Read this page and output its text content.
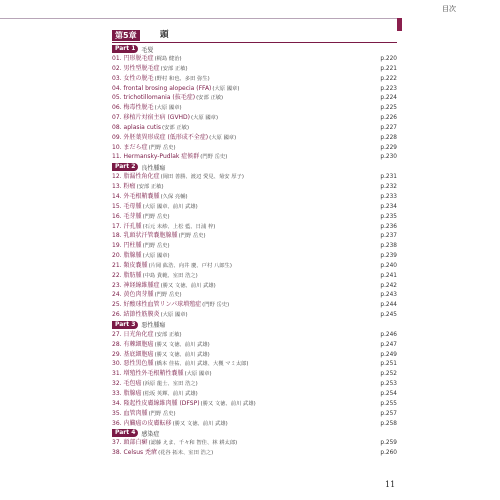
目次
第5章	頭
Part 1	毛髪
01. 円形脱毛症 (梶島 健治)	p.220
02. 男性型脱毛症 (安部 正敏)	p.221
03. 女性の脱毛 (野村 和也、多田 弥生)	p.222
04. frontal brosing alopecia (FFA) (大原 國章)	p.223
05. trichotillomania (抜毛症) (安部 正敏)	p.224
06. 梅毒性脱毛 (大原 國章)	p.225
07. 移植片対宿主病 (GVHD) (大原 國章)	p.226
08. aplasia cutis (安部 正敏)	p.227
09. 外胚葉異形成症 (低形成不全症) (大原 國章)	p.228
10. まだら症 (門野 岳史)	p.229
11. Hermansky-Pudlak 症候群 (門野 岳史)	p.230
Part 2	良性腫瘍
12. 脂漏性角化症 (岡田 善勝、渡辺 愛見、菊安 厚子)	p.231
13. 粉瘤 (安部 正敏)	p.232
14. 外毛根鞘嚢腫 (久保 亮輔)	p.233
15. 毛母腫 (大原 國章、前川 武雄)	p.234
16. 毛芽腫 (門野 岳史)	p.235
17. 汗孔腫 (石元 未紗、上松 藍、日浦 梓)	p.236
18. 乳頭状汗管嚢胞腺腫 (門野 岳史)	p.237
19. 円柱腫 (門野 岳史)	p.238
20. 脂腺腫 (大原 國章)	p.239
21. 類皮嚢腫 (片岡 紘浩、向井 慶、戸村 八郎生)	p.240
22. 脂肪腫 (中島 貴範、室田 浩之)	p.241
23. 神経線維腫症 (勝又 文徳、前川 武雄)	p.242
24. 黄色肉芽腫 (門野 岳史)	p.243
25. 好酸球性血管リンパ球増殖症 (門野 岳史)	p.244
26. 結節性筋膜炎 (大原 國章)	p.245
Part 3	悪性腫瘍
27. 日光角化症 (安部 正敏)	p.246
28. 有棘細胞癌 (勝又 文徳、前川 武雄)	p.247
29. 基底細胞癌 (勝又 文徳、前川 武雄)	p.249
30. 悪性黒色腫 (橋本 佳祐、前川 武雄、大槻 マミ太郎)	p.251
31. 増殖性外毛根鞘性嚢腫 (大原 國章)	p.252
32. 毛包癌 (浜原 龍士、室田 浩之)	p.253
33. 脂腺癌 (松坂 英輝、前川 武雄)	p.254
34. 隆起性皮膚線維肉腫 (DFSP) (勝又 文徳、前川 武雄)	p.255
35. 血管肉腫 (門野 岳史)	p.257
36. 内臓癌の皮膚転移 (勝又 文徳、前川 武雄)	p.258
Part 4	感染症
37. 頭部白癬 (認藤 えま、千々和 智佳、林 耕太郎)	p.259
38. Celsus 禿瘡 (花谷 拓未、室田 浩之)	p.260
11
